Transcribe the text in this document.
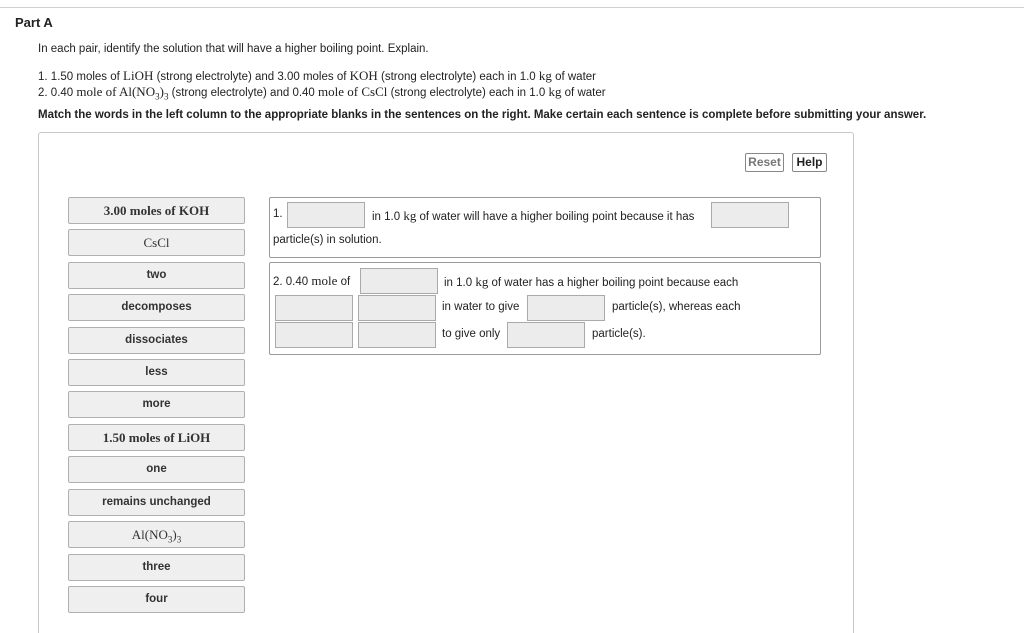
Part A
In each pair, identify the solution that will have a higher boiling point. Explain.
1. 1.50 moles of LiOH (strong electrolyte) and 3.00 moles of KOH (strong electrolyte) each in 1.0 kg of water
2. 0.40 mole of $Al(NO_3)_3$ (strong electrolyte) and 0.40 mole of CsCl (strong electrolyte) each in 1.0 kg of water
Match the words in the left column to the appropriate blanks in the sentences on the right. Make certain each sentence is complete before submitting your answer.
Reset	Help
3.00 moles of KOH
CsCl
two
decomposes
dissociates
less
more
1.50 moles of LiOH
one
remains unchanged
$Al(NO_3)_3$
three
four
1.	in 1.0 kg of water will have a higher boiling point because it has
particle(s) in solution.
2. 0.40 mole of	in 1.0 kg of water has a higher boiling point because each
in water to give	particle(s), whereas each
to give only	particle(s).
